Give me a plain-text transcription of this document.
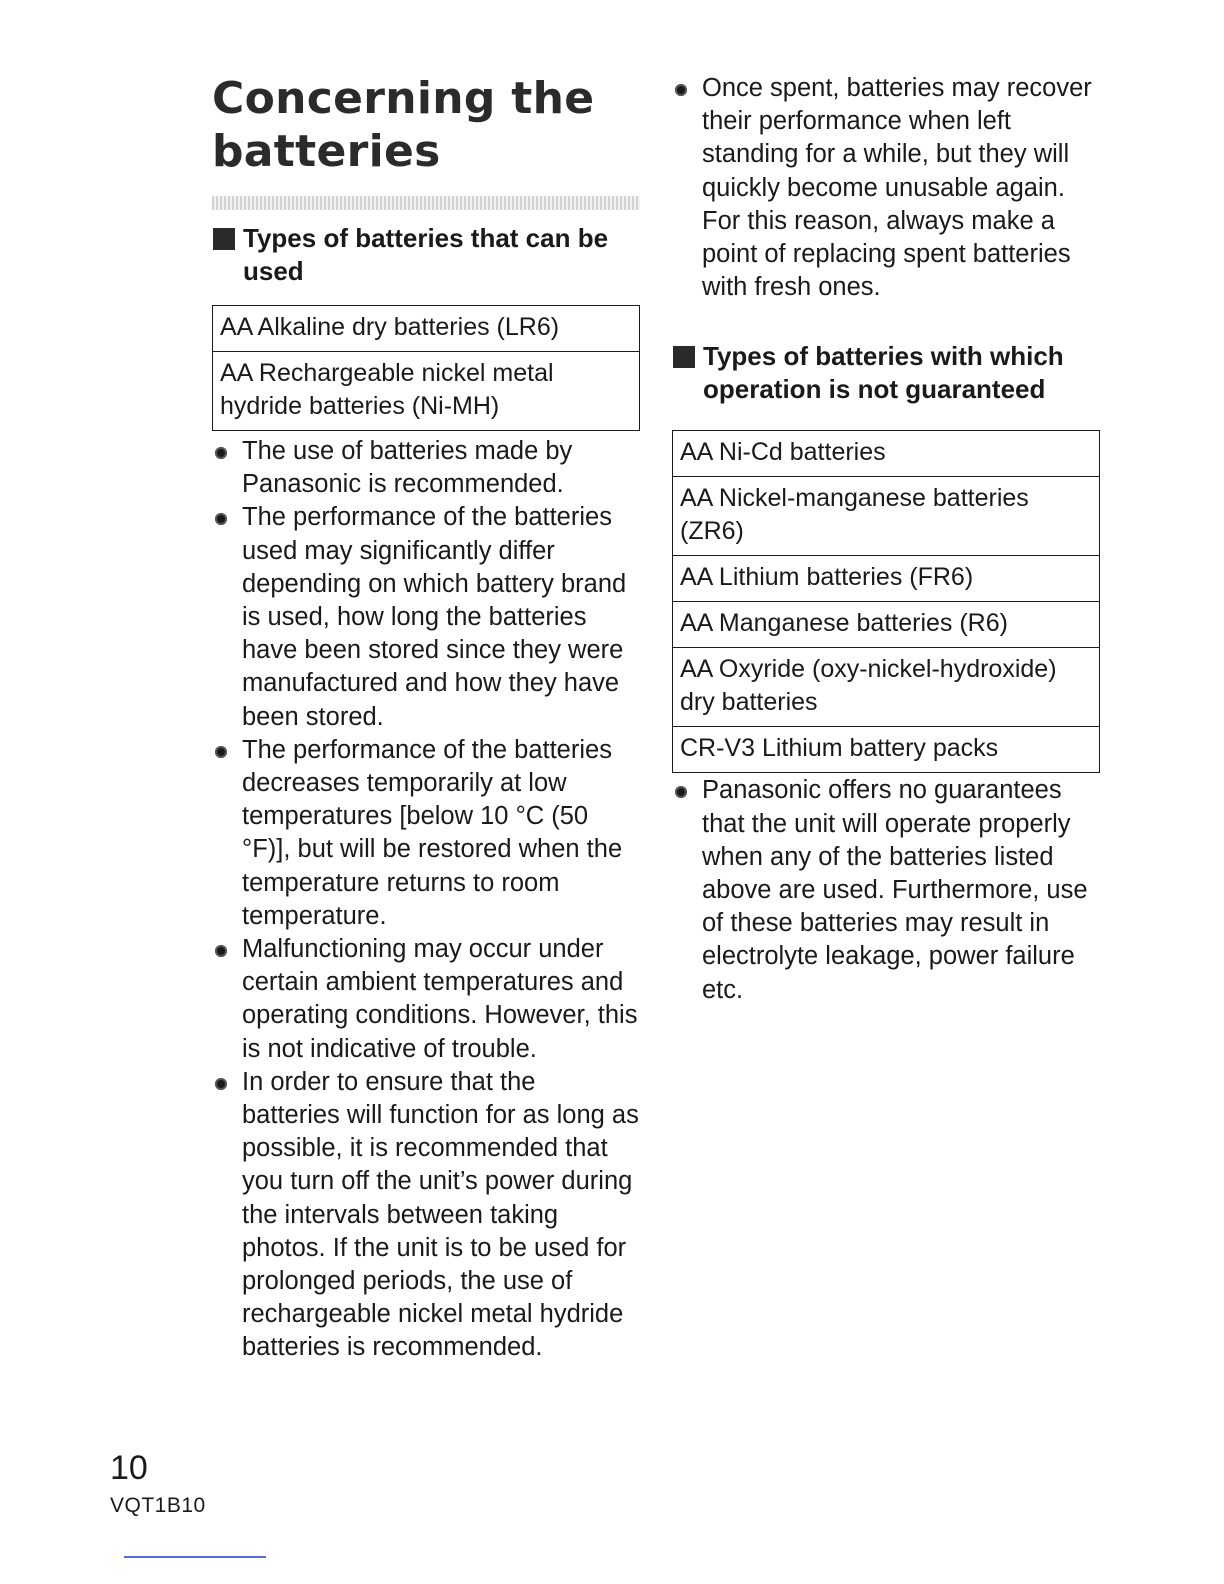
Concerning the batteries
Types of batteries that can be used
AA Alkaline dry batteries (LR6)
AA Rechargeable nickel metal hydride batteries (Ni-MH)
The use of batteries made by Panasonic is recommended.
The performance of the batteries used may significantly differ depending on which battery brand is used, how long the batteries have been stored since they were manufactured and how they have been stored.
The performance of the batteries decreases temporarily at low temperatures [below 10 °C (50 °F)], but will be restored when the temperature returns to room temperature.
Malfunctioning may occur under certain ambient temperatures and operating conditions. However, this is not indicative of trouble.
In order to ensure that the batteries will function for as long as possible, it is recommended that you turn off the unit’s power during the intervals between taking photos. If the unit is to be used for prolonged periods, the use of rechargeable nickel metal hydride batteries is recommended.
Once spent, batteries may recover their performance when left standing for a while, but they will quickly become unusable again. For this reason, always make a point of replacing spent batteries with fresh ones.
Types of batteries with which operation is not guaranteed
AA Ni-Cd batteries
AA Nickel-manganese batteries (ZR6)
AA Lithium batteries (FR6)
AA Manganese batteries (R6)
AA Oxyride (oxy-nickel-hydroxide) dry batteries
CR-V3 Lithium battery packs
Panasonic offers no guarantees that the unit will operate properly when any of the batteries listed above are used. Furthermore, use of these batteries may result in electrolyte leakage, power failure etc.
10
VQT1B10
